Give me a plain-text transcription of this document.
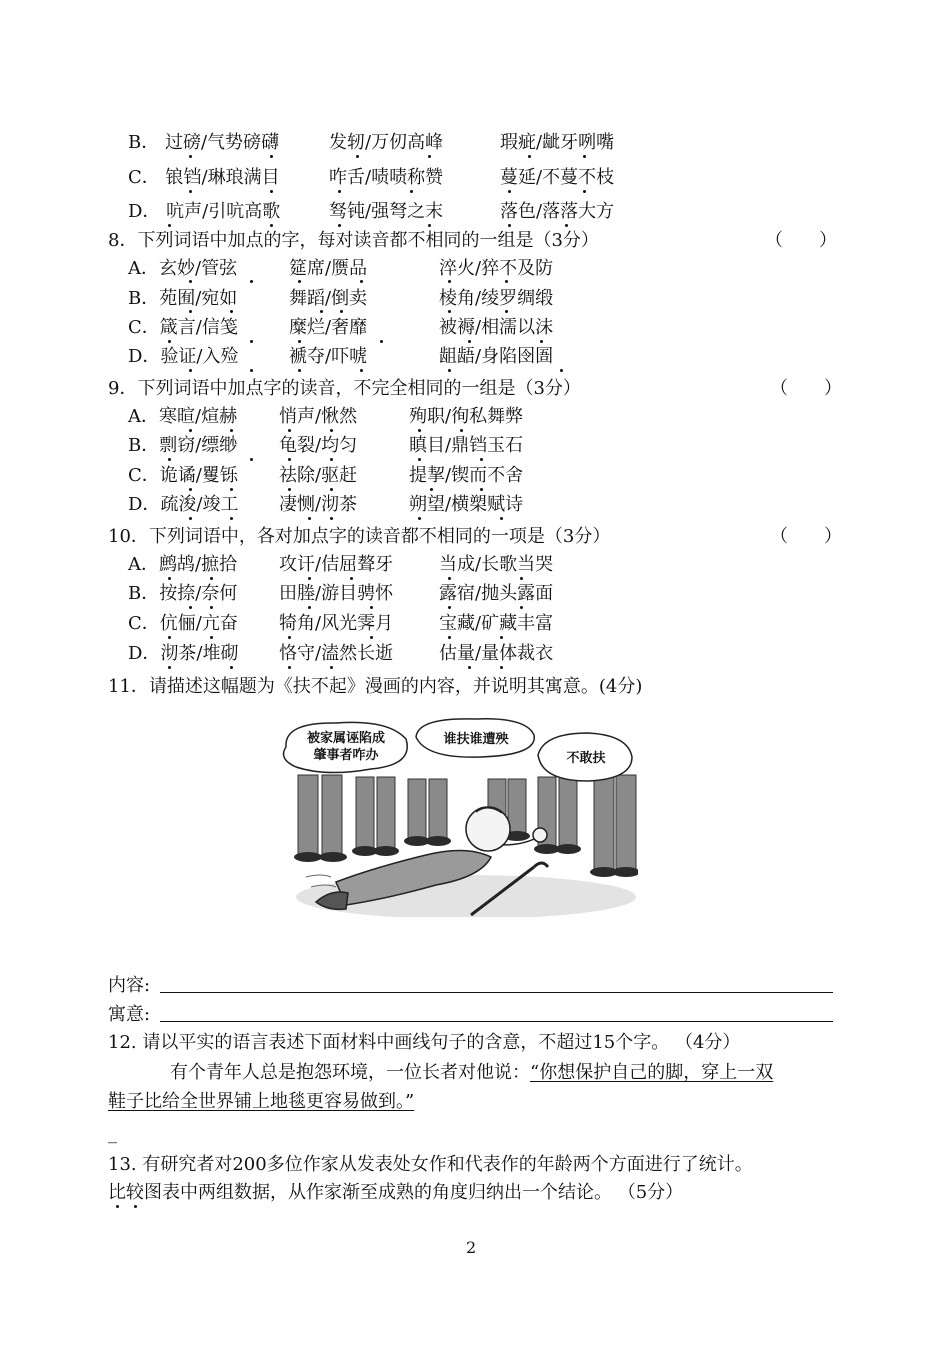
B． 过磅/气势磅礴	发轫/万仞高峰	瑕疵/龇牙咧嘴
C． 锒铛/琳琅满目	咋舌/啧啧称赞	蔓延/不蔓不枝
D． 吭声/引吭高歌	驽钝/强弩之末	落色/落落大方
8．下列词语中加点的字，每对读音都不相同的一组是（3分）	（　　）
A．玄妙/管弦	筵席/赝品	淬火/猝不及防
B．苑囿/宛如	舞蹈/倒卖	棱角/绫罗绸缎
C．箴言/信笺	糜烂/奢靡	被褥/相濡以沫
D．验证/入殓	褫夺/吓唬	龃龉/身陷囹圄
9．下列词语中加点字的读音，不完全相同的一组是（3分）	（　　）
A．寒暄/煊赫 悄声/愀然	殉职/徇私舞弊
B．剽窃/缥缈 龟裂/均匀	瞋目/鼎铛玉石
C．诡谲/矍铄 祛除/驱赶	提挈/锲而不舍
D．疏浚/竣工 凄恻/沏茶	朔望/横槊赋诗
10．下列词语中，各对加点字的读音都不相同的一项是（3分）	（　　）
A．鹧鸪/摭拾 攻讦/佶屈聱牙	当成/长歌当哭
B．按捺/奈何 田塍/游目骋怀	露宿/抛头露面
C．伉俪/亢奋 犄角/风光霁月	宝藏/矿藏丰富
D．沏茶/堆砌 恪守/溘然长逝	估量/量体裁衣
11．请描述这幅题为《扶不起》漫画的内容，并说明其寓意。(4分)
被家属诬陷成
肇事者咋办
谁扶谁遭殃
不敢扶
内容:
寓意:
12. 请以平实的语言表述下面材料中画线句子的含意，不超过15个字。 （4分）
有个青年人总是抱怨环境，一位长者对他说：“你想保护自己的脚，穿上一双
鞋子比给全世界铺上地毯更容易做到。”
_
13. 有研究者对200多位作家从发表处女作和代表作的年龄两个方面进行了统计。
比较图表中两组数据，从作家渐至成熟的角度归纳出一个结论。 （5分）
2
